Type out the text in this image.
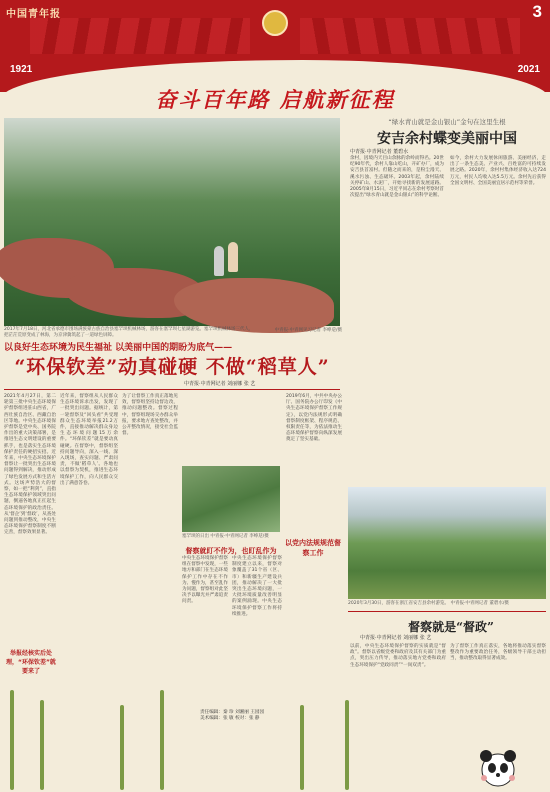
中国青年报	3
1921	2021
奋斗百年路 启航新征程
2017年7月18日，河北省承德市围场满族蒙古族自治县塞罕坝机械林场，游客在塞罕坝七星湖游览。塞罕坝机械林场三代人，把茫茫荒原变成了林海，为京津冀筑起了一道绿色屏障。
中青报·中青网见习记者 李峥苨/摄
以良好生态环境为民生福祉 以美丽中国的期盼为底气——
“环保钦差”动真碰硬 不做“稻草人”
中青报·中青网记者 刘丽娜 张 艺
2021年4月27日，第二轮第三批中央生态环境保护督察组进驻山西省，广西壮族自治区、西藏自治区等地。中央生态环境保护督察是党中央、国务院作出的重大决策部署，是推进生态文明建设的重要抓手，也是落实生态环境保护责任的硬招实招。近年来，中央生态环境保护督察让一批突出生态环境问题得到解决，推动形成了绿色发展方式和生活方式。这场声势浩大的督察，如一把“利剑”，直指生态环境保护领域突出问题，倒逼各地真正扛起生态环境保护的政治责任。从‘督企’到‘督政’，从查处问题到推动整改，中央生态环境保护督察制度不断完善，督察效果显著。
举报经核实后处理，“环保钦差”就要来了
近年来，督察组从人民群众生态环境诉求出发，发现了一批突出问题。据统计，第一轮督察及“回头看”共受理群众生态环境举报21.2万件，直接推动解决群众身边生态环境问题15万余件。“环保钦差”就是要动真碰硬。在督察中，督察组坚持问题导向，深入一线、深入现场，查实问题、严肃问责，不做‘稻草人’。各地也以督察为契机，推进生态环境保护工作，向人民群众交出了满意答卷。
为了让督察工作真正落地见效，督察组坚持边督边改，推动问题整改。督察过程中，督察组现场交办群众举报，要求地方查处整改，并公开整改情况，接受社会监督。
塞罕坝的日出 中青报·中青网记者 李峥苨/摄
督察就盯不作为，也盯乱作为
中央生态环境保护督察组在督察中发现，一些地方和部门在生态环境保护工作中存在不作为、慢作为，甚至乱作为问题，督察组对此坚决予以曝光并严肃追责问责。
中央生态环境保护督察制度建立以来，督察对象覆盖了31个省（区、市）和新疆生产建设兵团，推动解决了一大批突出生态环境问题，一大批环境质量改善明显的案例涌现。中央生态环境保护督察工作将持续推进。
2019年6月，中共中央办公厅、国务院办公厅印发《中央生态环境保护督察工作规定》，以党内法规形式明确督察制度框架、程序规范、权限责任等，为依法推动生态环境保护督察向纵深发展奠定了坚实基础。
以党内法规规范督察工作
“绿水青山就是金山银山”金句在这里生根
安吉余村蝶变美丽中国
中青报·中青网记者 董碧水
余村，因境内天目山余脉的余岭而得名。20世纪90年代，余村人靠山吃山，开矿办厂，成为安吉县首富村。但随之而来的，是粉尘漫天、溪水污浊、生态破坏。2003年起，余村陆续关停矿山、水泥厂，开始寻找新的发展道路。2005年8月15日，习近平同志在余村考察时首次提出“绿水青山就是金山银山”的科学论断。
如今，余村大力发展休闲旅游、美丽经济，走出了一条生态美、产业兴、百姓富的可持续发展之路。2020年，余村村集体经济收入达724万元，村民人均收入达5.5万元。余村先后获得全国文明村、全国美丽宜居示范村等荣誉。
2020年3月30日，游客在浙江省安吉县余村游览。 中青报·中青网记者 董碧水/摄
督察就是“督政”
中青报·中青网记者 刘丽娜 张 艺
以前，中央生态环境保护督察的实质就是“督政”。督察以省级党委和政府及其有关部门为重点，突出压力传导，推动落实地方党委和政府生态环境保护“党政同责”“一岗双责”。
为了督察工作真正落实，各地将推动落实督察整改作为重要政治任务，各级领导干部主动担当，推动整改取得显著成效。
责任编辑：秦 珍 刘湘丽 王园园
美术编辑：张 敏 校对：张 静
